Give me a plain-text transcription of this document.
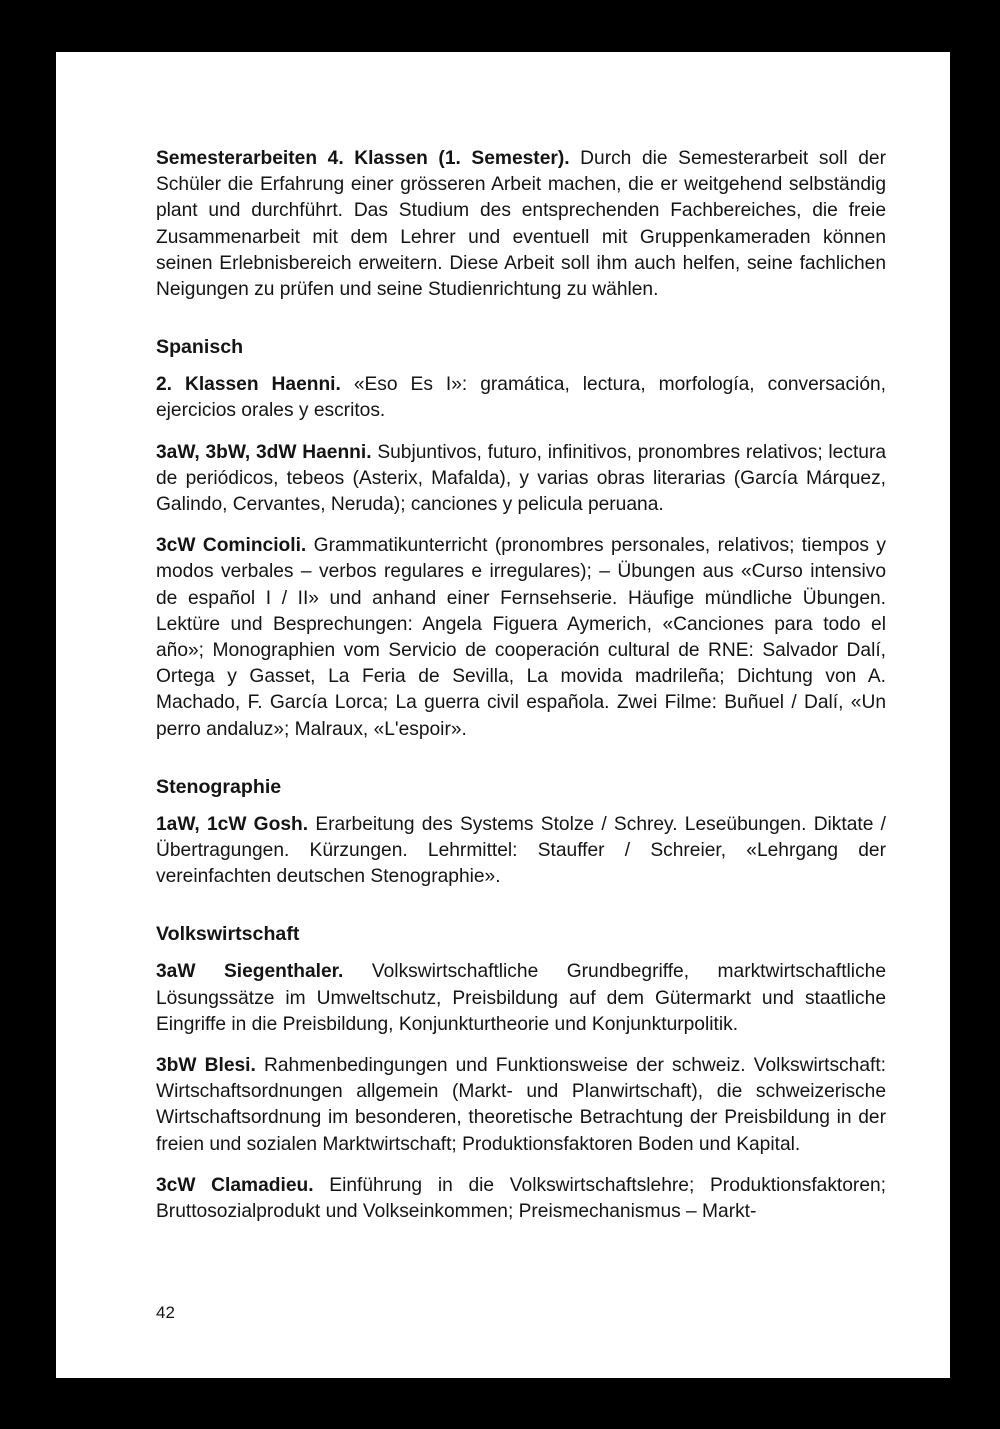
Semesterarbeiten 4. Klassen (1. Semester). Durch die Semesterarbeit soll der Schüler die Erfahrung einer grösseren Arbeit machen, die er weitgehend selbständig plant und durchführt. Das Studium des entsprechenden Fachbereiches, die freie Zusammenarbeit mit dem Lehrer und eventuell mit Gruppenkameraden können seinen Erlebnisbereich erweitern. Diese Arbeit soll ihm auch helfen, seine fachlichen Neigungen zu prüfen und seine Studienrichtung zu wählen.

Spanisch

2. Klassen Haenni. «Eso Es I»: gramática, lectura, morfología, conversación, ejercicios orales y escritos.

3aW, 3bW, 3dW Haenni. Subjuntivos, futuro, infinitivos, pronombres relativos; lectura de periódicos, tebeos (Asterix, Mafalda), y varias obras literarias (García Márquez, Galindo, Cervantes, Neruda); canciones y pelicula peruana.

3cW Comincioli. Grammatikunterricht (pronombres personales, relativos; tiempos y modos verbales – verbos regulares e irregulares); – Übungen aus «Curso intensivo de español I / II» und anhand einer Fernsehserie. Häufige mündliche Übungen. Lektüre und Besprechungen: Angela Figuera Aymerich, «Canciones para todo el año»; Monographien vom Servicio de cooperación cultural de RNE: Salvador Dalí, Ortega y Gasset, La Feria de Sevilla, La movida madrileña; Dichtung von A. Machado, F. García Lorca; La guerra civil española. Zwei Filme: Buñuel / Dalí, «Un perro andaluz»; Malraux, «L'espoir».

Stenographie

1aW, 1cW Gosh. Erarbeitung des Systems Stolze / Schrey. Leseübungen. Diktate / Übertragungen. Kürzungen. Lehrmittel: Stauffer / Schreier, «Lehrgang der vereinfachten deutschen Stenographie».

Volkswirtschaft

3aW Siegenthaler. Volkswirtschaftliche Grundbegriffe, marktwirtschaftliche Lösungssätze im Umweltschutz, Preisbildung auf dem Gütermarkt und staatliche Eingriffe in die Preisbildung, Konjunkturtheorie und Konjunkturpolitik.

3bW Blesi. Rahmenbedingungen und Funktionsweise der schweiz. Volkswirtschaft: Wirtschaftsordnungen allgemein (Markt- und Planwirtschaft), die schweizerische Wirtschaftsordnung im besonderen, theoretische Betrachtung der Preisbildung in der freien und sozialen Marktwirtschaft; Produktionsfaktoren Boden und Kapital.

3cW Clamadieu. Einführung in die Volkswirtschaftslehre; Produktionsfaktoren; Bruttosozialprodukt und Volkseinkommen; Preismechanismus – Markt-

42
